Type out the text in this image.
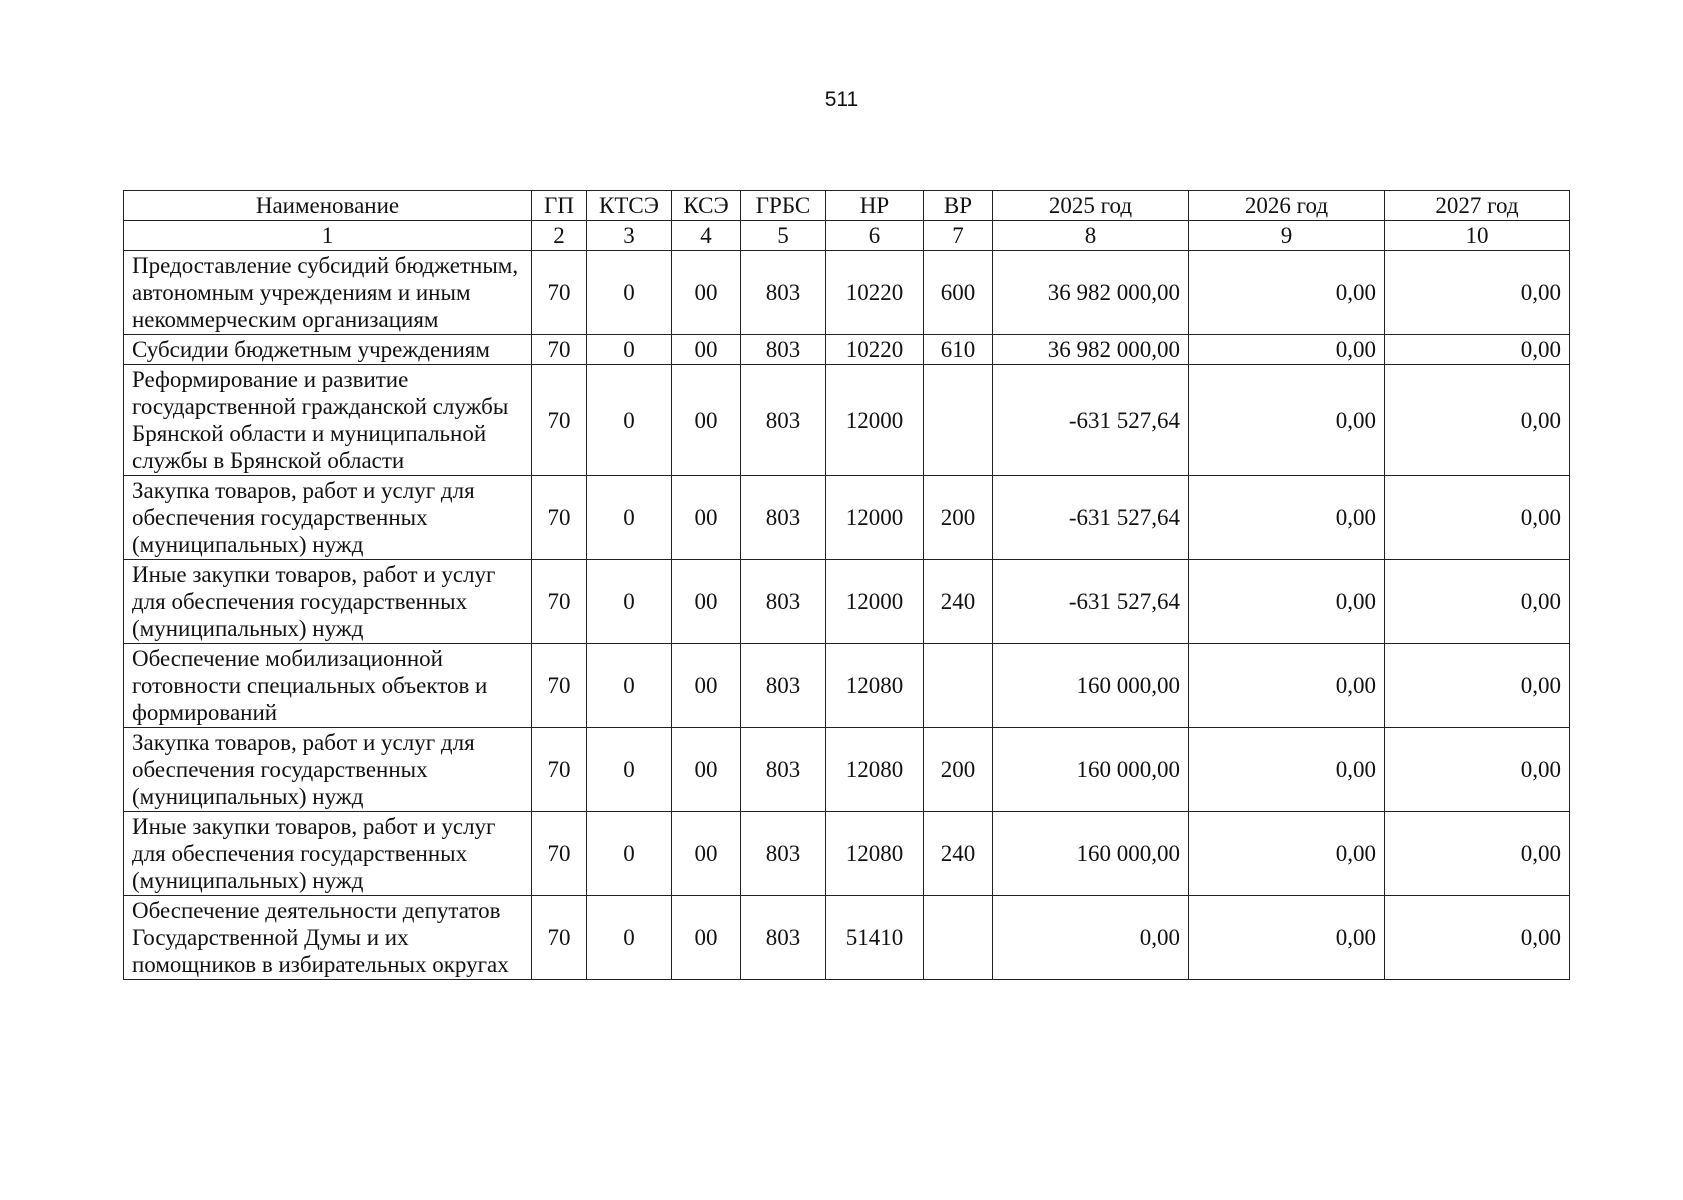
511
Наименование	ГП	КТСЭ	КСЭ	ГРБС	НР	ВР	2025 год	2026 год	2027 год
1	2	3	4	5	6	7	8	9	10
Предоставление субсидий бюджетным, автономным учреждениям и иным некоммерческим организациям	70	0	00	803	10220	600	36 982 000,00	0,00	0,00
Субсидии бюджетным учреждениям	70	0	00	803	10220	610	36 982 000,00	0,00	0,00
Реформирование и развитие государственной гражданской службы Брянской области и муниципальной службы в Брянской области	70	0	00	803	12000		-631 527,64	0,00	0,00
Закупка товаров, работ и услуг для обеспечения государственных (муниципальных) нужд	70	0	00	803	12000	200	-631 527,64	0,00	0,00
Иные закупки товаров, работ и услуг для обеспечения государственных (муниципальных) нужд	70	0	00	803	12000	240	-631 527,64	0,00	0,00
Обеспечение мобилизационной готовности специальных объектов и формирований	70	0	00	803	12080		160 000,00	0,00	0,00
Закупка товаров, работ и услуг для обеспечения государственных (муниципальных) нужд	70	0	00	803	12080	200	160 000,00	0,00	0,00
Иные закупки товаров, работ и услуг для обеспечения государственных (муниципальных) нужд	70	0	00	803	12080	240	160 000,00	0,00	0,00
Обеспечение деятельности депутатов Государственной Думы и их помощников в избирательных округах	70	0	00	803	51410		0,00	0,00	0,00
